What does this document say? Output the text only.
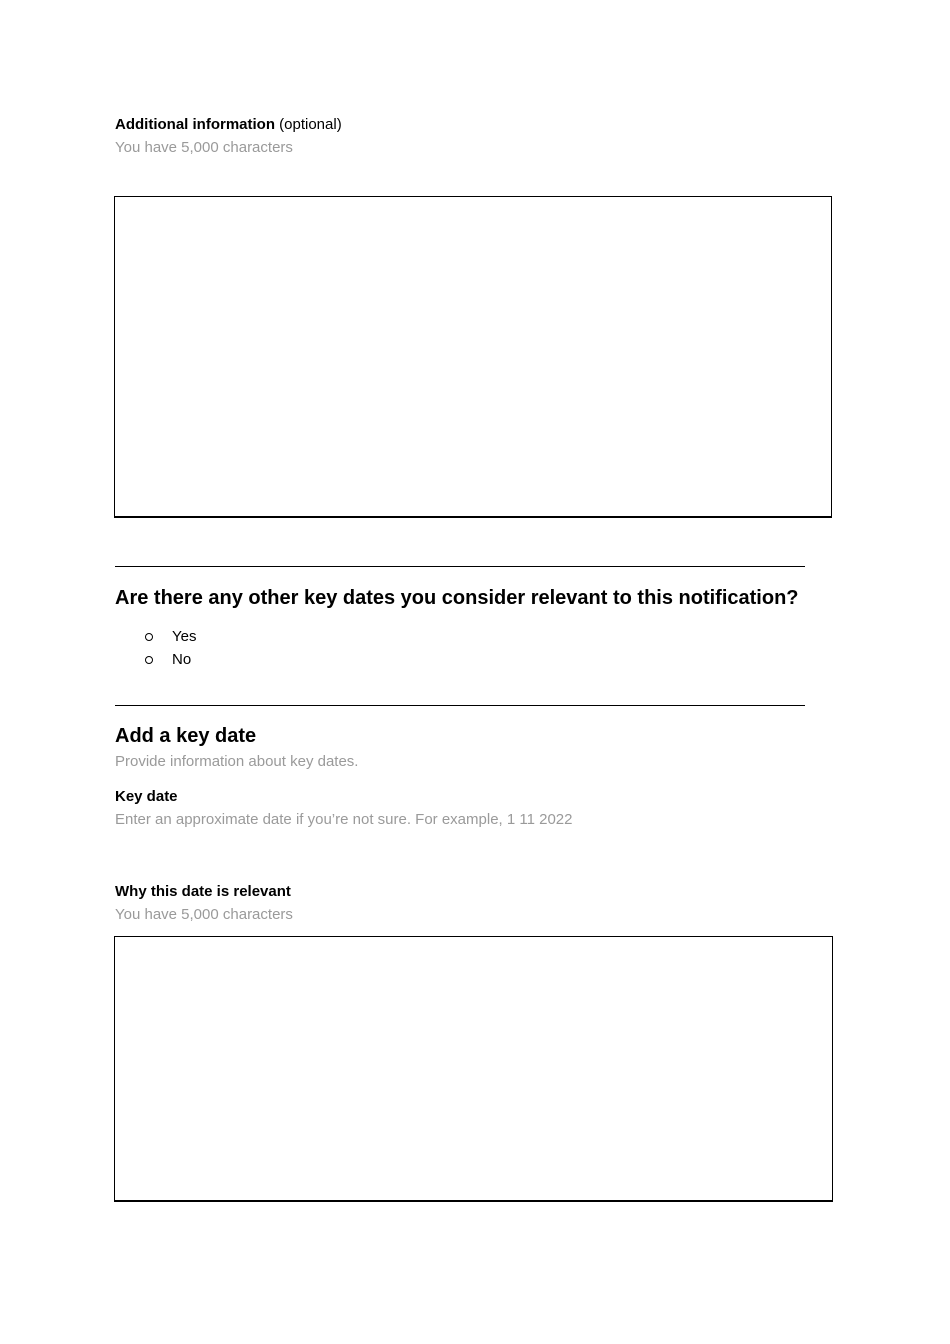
Additional information (optional)
You have 5,000 characters
Are there any other key dates you consider relevant to this notification?
Yes
No
Add a key date
Provide information about key dates.
Key date
Enter an approximate date if you’re not sure. For example, 1 11 2022
Why this date is relevant
You have 5,000 characters
